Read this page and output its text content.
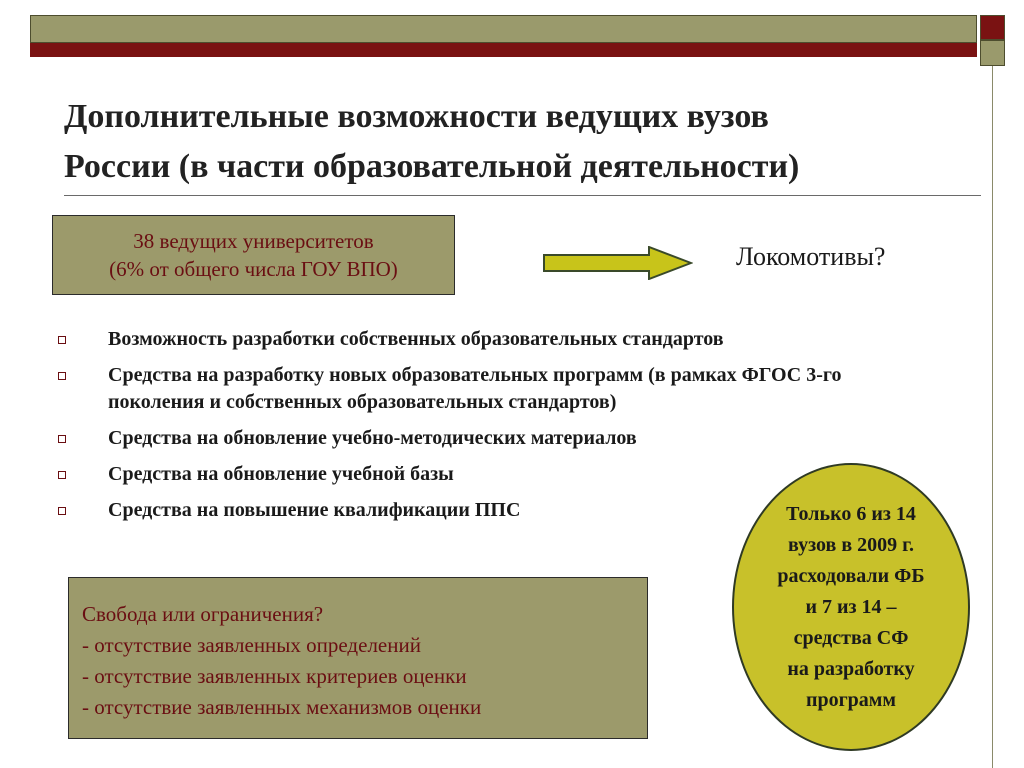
Дополнительные возможности ведущих вузов
России (в части образовательной деятельности)
38 ведущих университетов
(6% от общего числа ГОУ ВПО)	Локомотивы?
Возможность разработки собственных образовательных стандартов
Средства на разработку новых образовательных программ (в рамках ФГОС 3-го поколения и собственных образовательных стандартов)
Средства на обновление учебно-методических материалов
Средства на обновление учебной базы
Средства на повышение квалификации ППС
Свобода или ограничения?
- отсутствие заявленных определений
- отсутствие заявленных критериев оценки
- отсутствие заявленных механизмов оценки
Только 6 из 14
вузов в 2009 г.
расходовали ФБ
и 7 из 14 –
средства СФ
на разработку
программ
